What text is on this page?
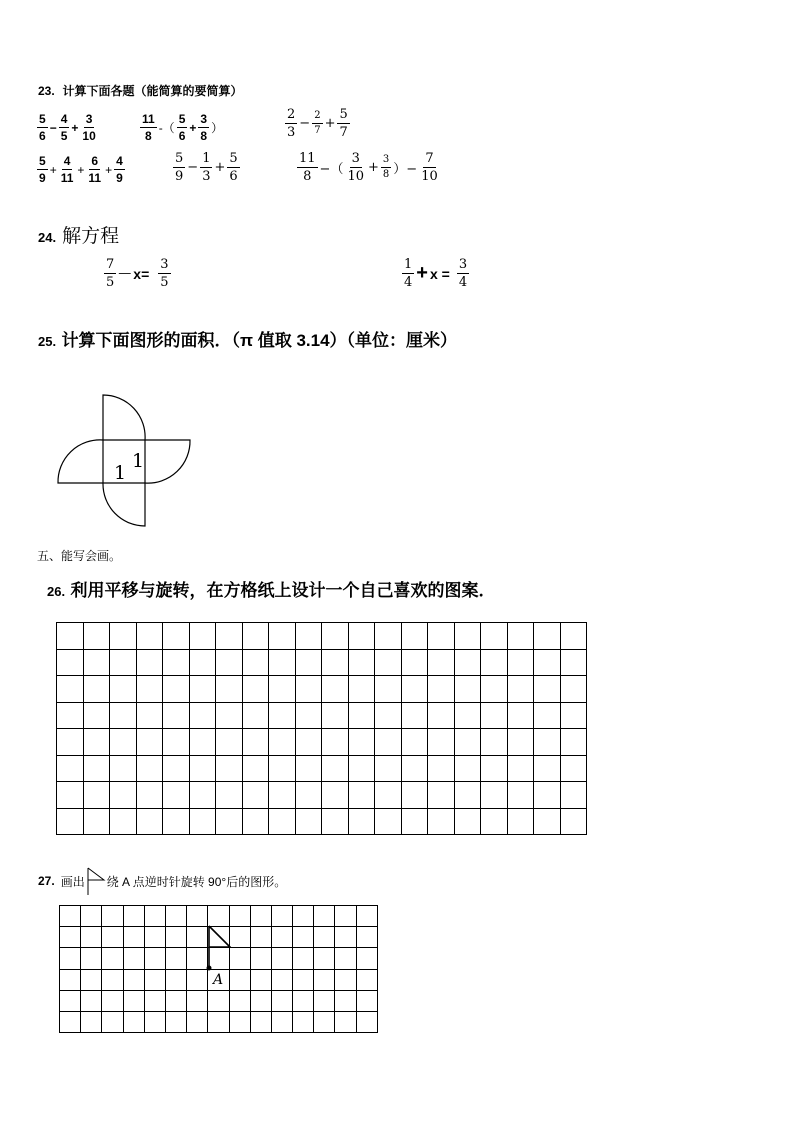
23. 计算下面各题（能简算的要简算）
$\frac{5}{6} - \frac{4}{5} + \frac{3}{10}$	$\frac{11}{8}$ -（ $\frac{5}{6} + \frac{3}{8}$ ）	$\frac{2}{3} - \frac{2}{7} + \frac{5}{7}$
$\frac{5}{9} + \frac{4}{11} + \frac{6}{11} + \frac{4}{9}$	$\frac{5}{9} - \frac{1}{3} + \frac{5}{6}$	$\frac{11}{8}$ −（ $\frac{3}{10} + \frac{3}{8}$ ）− $\frac{7}{10}$
24. 解方程
$\frac{7}{5}$ — $x= \frac{3}{5}$	$\frac{1}{4} + x = \frac{3}{4}$
25. 计算下面图形的面积．（π 值取 3.14）（单位：厘米）
1
1
五、能写会画。
26. 利用平移与旋转，在方格纸上设计一个自己喜欢的图案．

27. 画出 绕 A 点逆时针旋转 90°后的图形。

A
